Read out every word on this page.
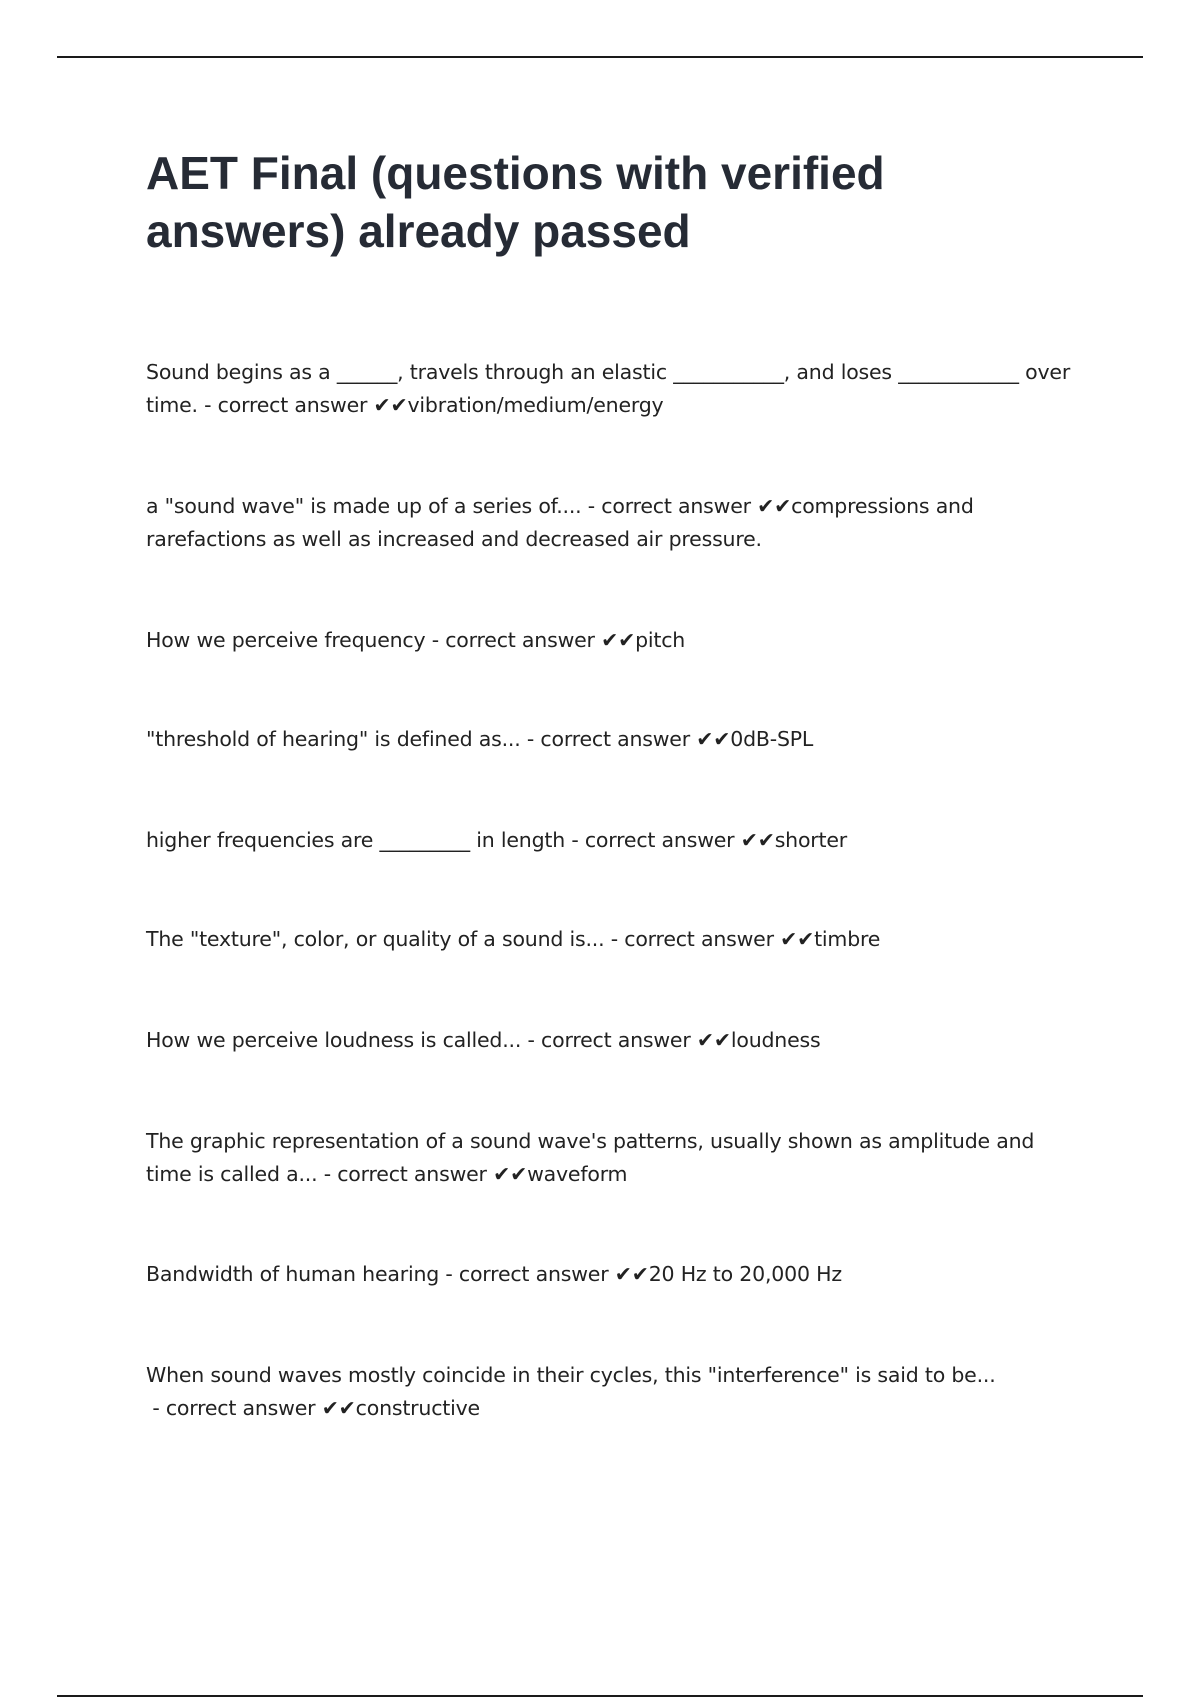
AET Final (questions with verified answers) already passed

Sound begins as a ______, travels through an elastic ___________, and loses ____________ over time. - correct answer ✔✔vibration/medium/energy

a "sound wave" is made up of a series of.... - correct answer ✔✔compressions and rarefactions as well as increased and decreased air pressure.

How we perceive frequency - correct answer ✔✔pitch

"threshold of hearing" is defined as... - correct answer ✔✔0dB-SPL

higher frequencies are _________ in length - correct answer ✔✔shorter

The "texture", color, or quality of a sound is... - correct answer ✔✔timbre

How we perceive loudness is called... - correct answer ✔✔loudness

The graphic representation of a sound wave's patterns, usually shown as amplitude and time is called a... - correct answer ✔✔waveform

Bandwidth of human hearing - correct answer ✔✔20 Hz to 20,000 Hz

When sound waves mostly coincide in their cycles, this "interference" is said to be... - correct answer ✔✔constructive
